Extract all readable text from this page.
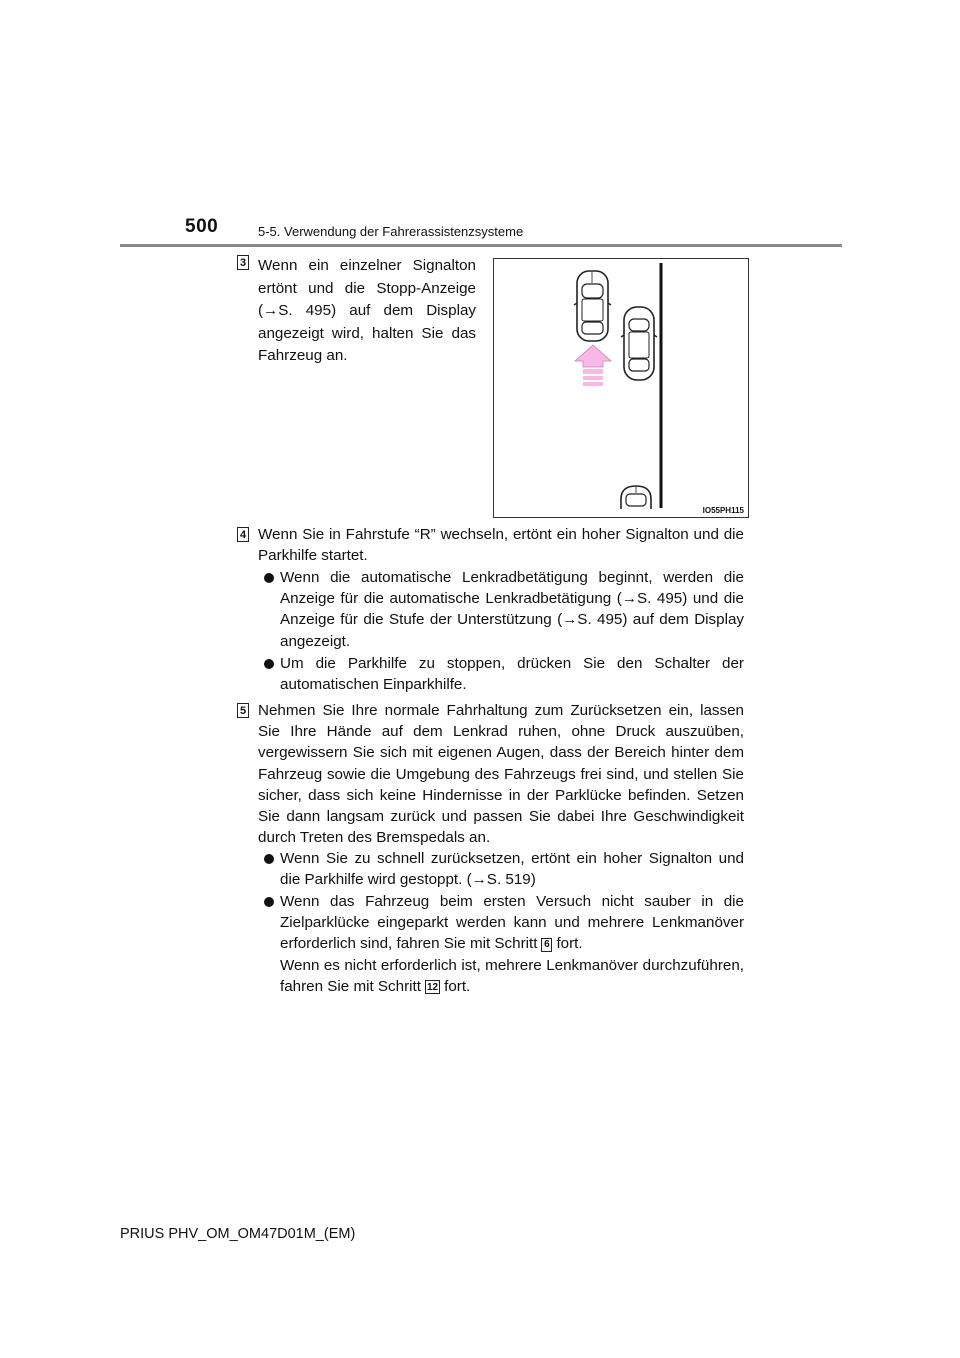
500	5-5. Verwendung der Fahrerassistenzsysteme
3 Wenn ein einzelner Signalton ertönt und die Stopp-Anzeige (→S. 495) auf dem Display angezeigt wird, halten Sie das Fahrzeug an.
IO55PH115
4 Wenn Sie in Fahrstufe “R” wechseln, ertönt ein hoher Signalton und die Parkhilfe startet.
Wenn die automatische Lenkradbetätigung beginnt, werden die Anzeige für die automatische Lenkradbetätigung (→S. 495) und die Anzeige für die Stufe der Unterstützung (→S. 495) auf dem Display angezeigt.
Um die Parkhilfe zu stoppen, drücken Sie den Schalter der automatischen Einparkhilfe.
5 Nehmen Sie Ihre normale Fahrhaltung zum Zurücksetzen ein, lassen Sie Ihre Hände auf dem Lenkrad ruhen, ohne Druck auszuüben, vergewissern Sie sich mit eigenen Augen, dass der Bereich hinter dem Fahrzeug sowie die Umgebung des Fahrzeugs frei sind, und stellen Sie sicher, dass sich keine Hindernisse in der Parklücke befinden. Setzen Sie dann langsam zurück und passen Sie dabei Ihre Geschwindigkeit durch Treten des Bremspedals an.
Wenn Sie zu schnell zurücksetzen, ertönt ein hoher Signalton und die Parkhilfe wird gestoppt. (→S. 519)
Wenn das Fahrzeug beim ersten Versuch nicht sauber in die Zielparklücke eingeparkt werden kann und mehrere Lenkmanöver erforderlich sind, fahren Sie mit Schritt 6 fort.
Wenn es nicht erforderlich ist, mehrere Lenkmanöver durchzuführen, fahren Sie mit Schritt 12 fort.
PRIUS PHV_OM_OM47D01M_(EM)
